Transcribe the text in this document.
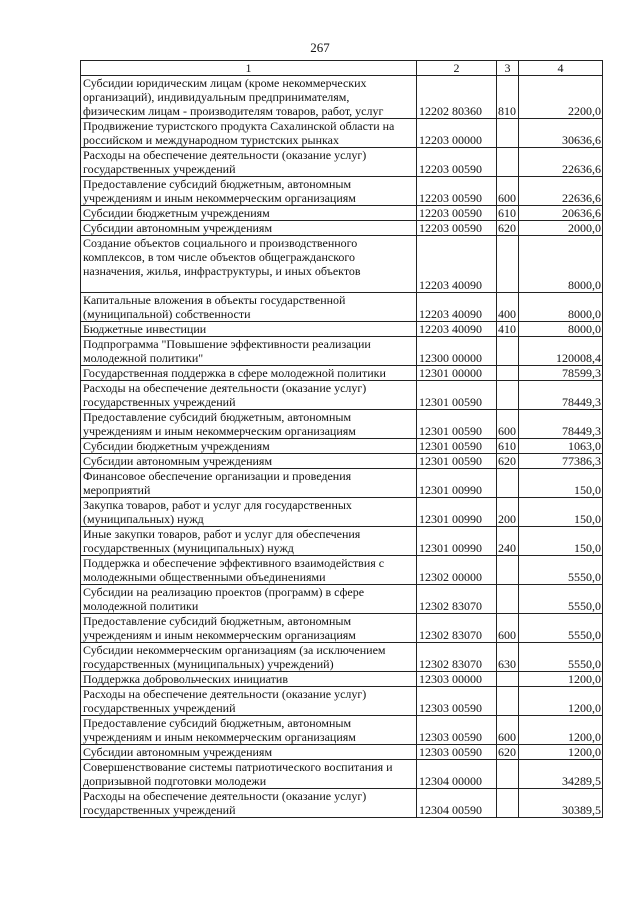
267
1	2	3	4
Субсидии юридическим лицам (кроме некоммерческих организаций), индивидуальным предпринимателям, физическим лицам - производителям товаров, работ, услуг	12202 80360	810	2200,0
Продвижение туристского продукта Сахалинской области на российском и международном туристских рынках	12203 00000		30636,6
Расходы на обеспечение деятельности (оказание услуг) государственных учреждений	12203 00590		22636,6
Предоставление субсидий бюджетным, автономным учреждениям и иным некоммерческим организациям	12203 00590	600	22636,6
Субсидии бюджетным учреждениям	12203 00590	610	20636,6
Субсидии автономным учреждениям	12203 00590	620	2000,0
Создание объектов социального и производственного комплексов, в том числе объектов общегражданского назначения, жилья, инфраструктуры, и иных объектов	12203 40090		8000,0
Капитальные вложения в объекты государственной (муниципальной) собственности	12203 40090	400	8000,0
Бюджетные инвестиции	12203 40090	410	8000,0
Подпрограмма "Повышение эффективности реализации молодежной политики"	12300 00000		120008,4
Государственная поддержка в сфере молодежной политики	12301 00000		78599,3
Расходы на обеспечение деятельности (оказание услуг) государственных учреждений	12301 00590		78449,3
Предоставление субсидий бюджетным, автономным учреждениям и иным некоммерческим организациям	12301 00590	600	78449,3
Субсидии бюджетным учреждениям	12301 00590	610	1063,0
Субсидии автономным учреждениям	12301 00590	620	77386,3
Финансовое обеспечение организации и проведения мероприятий	12301 00990		150,0
Закупка товаров, работ и услуг для государственных (муниципальных) нужд	12301 00990	200	150,0
Иные закупки товаров, работ и услуг для обеспечения государственных (муниципальных) нужд	12301 00990	240	150,0
Поддержка и обеспечение эффективного взаимодействия с молодежными общественными объединениями	12302 00000		5550,0
Субсидии на реализацию проектов (программ) в сфере молодежной политики	12302 83070		5550,0
Предоставление субсидий бюджетным, автономным учреждениям и иным некоммерческим организациям	12302 83070	600	5550,0
Субсидии некоммерческим организациям (за исключением государственных (муниципальных) учреждений)	12302 83070	630	5550,0
Поддержка добровольческих инициатив	12303 00000		1200,0
Расходы на обеспечение деятельности (оказание услуг) государственных учреждений	12303 00590		1200,0
Предоставление субсидий бюджетным, автономным учреждениям и иным некоммерческим организациям	12303 00590	600	1200,0
Субсидии автономным учреждениям	12303 00590	620	1200,0
Совершенствование системы патриотического воспитания и допризывной подготовки молодежи	12304 00000		34289,5
Расходы на обеспечение деятельности (оказание услуг) государственных учреждений	12304 00590		30389,5
